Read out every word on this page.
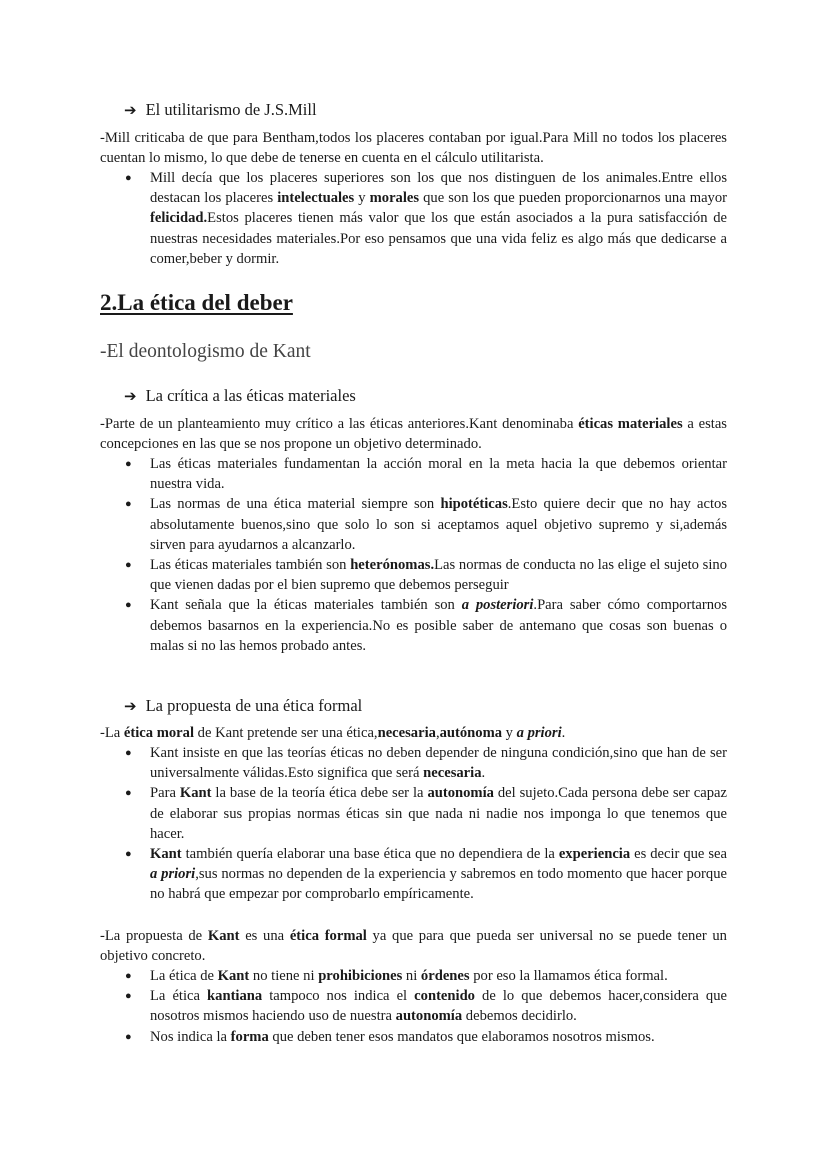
➔ El utilitarismo de J.S.Mill

-Mill criticaba de que para Bentham,todos los placeres contaban por igual.Para Mill no todos los placeres cuentan lo mismo, lo que debe de tenerse en cuenta en el cálculo utilitarista.

● Mill decía que los placeres superiores son los que nos distinguen de los animales.Entre ellos destacan los placeres intelectuales y morales que son los que pueden proporcionarnos una mayor felicidad.Estos placeres tienen más valor que los que están asociados a la pura satisfacción de nuestras necesidades materiales.Por eso pensamos que una vida feliz es algo más que dedicarse a comer,beber y dormir.
2.La ética del deber
-El deontologismo de Kant
➔ La crítica a las éticas materiales

-Parte de un planteamiento muy crítico a las éticas anteriores.Kant denominaba éticas materiales a estas concepciones en las que se nos propone un objetivo determinado.

● Las éticas materiales fundamentan la acción moral en la meta hacia la que debemos orientar nuestra vida.
● Las normas de una ética material siempre son hipotéticas.Esto quiere decir que no hay actos absolutamente buenos,sino que solo lo son si aceptamos aquel objetivo supremo y si,además sirven para ayudarnos a alcanzarlo.
● Las éticas materiales también son heterónomas.Las normas de conducta no las elige el sujeto sino que vienen dadas por el bien supremo que debemos perseguir
● Kant señala que la éticas materiales también son a posteriori.Para saber cómo comportarnos debemos basarnos en la experiencia.No es posible saber de antemano que cosas son buenas o malas si no las hemos probado antes.
➔ La propuesta de una ética formal

-La ética moral de Kant pretende ser una ética,necesaria,autónoma y a priori.

● Kant insiste en que las teorías éticas no deben depender de ninguna condición,sino que han de ser universalmente válidas.Esto significa que será necesaria.
● Para Kant la base de la teoría ética debe ser la autonomía del sujeto.Cada persona debe ser capaz de elaborar sus propias normas éticas sin que nada ni nadie nos imponga lo que tenemos que hacer.
● Kant también quería elaborar una base ética que no dependiera de la experiencia es decir que sea a priori,sus normas no dependen de la experiencia y sabremos en todo momento que hacer porque no habrá que empezar por comprobarlo empíricamente.

-La propuesta de Kant es una ética formal ya que para que pueda ser universal no se puede tener un objetivo concreto.

● La ética de Kant no tiene ni prohibiciones ni órdenes por eso la llamamos ética formal.
● La ética kantiana tampoco nos indica el contenido de lo que debemos hacer,considera que nosotros mismos haciendo uso de nuestra autonomía debemos decidirlo.
● Nos indica la forma que deben tener esos mandatos que elaboramos nosotros mismos.
